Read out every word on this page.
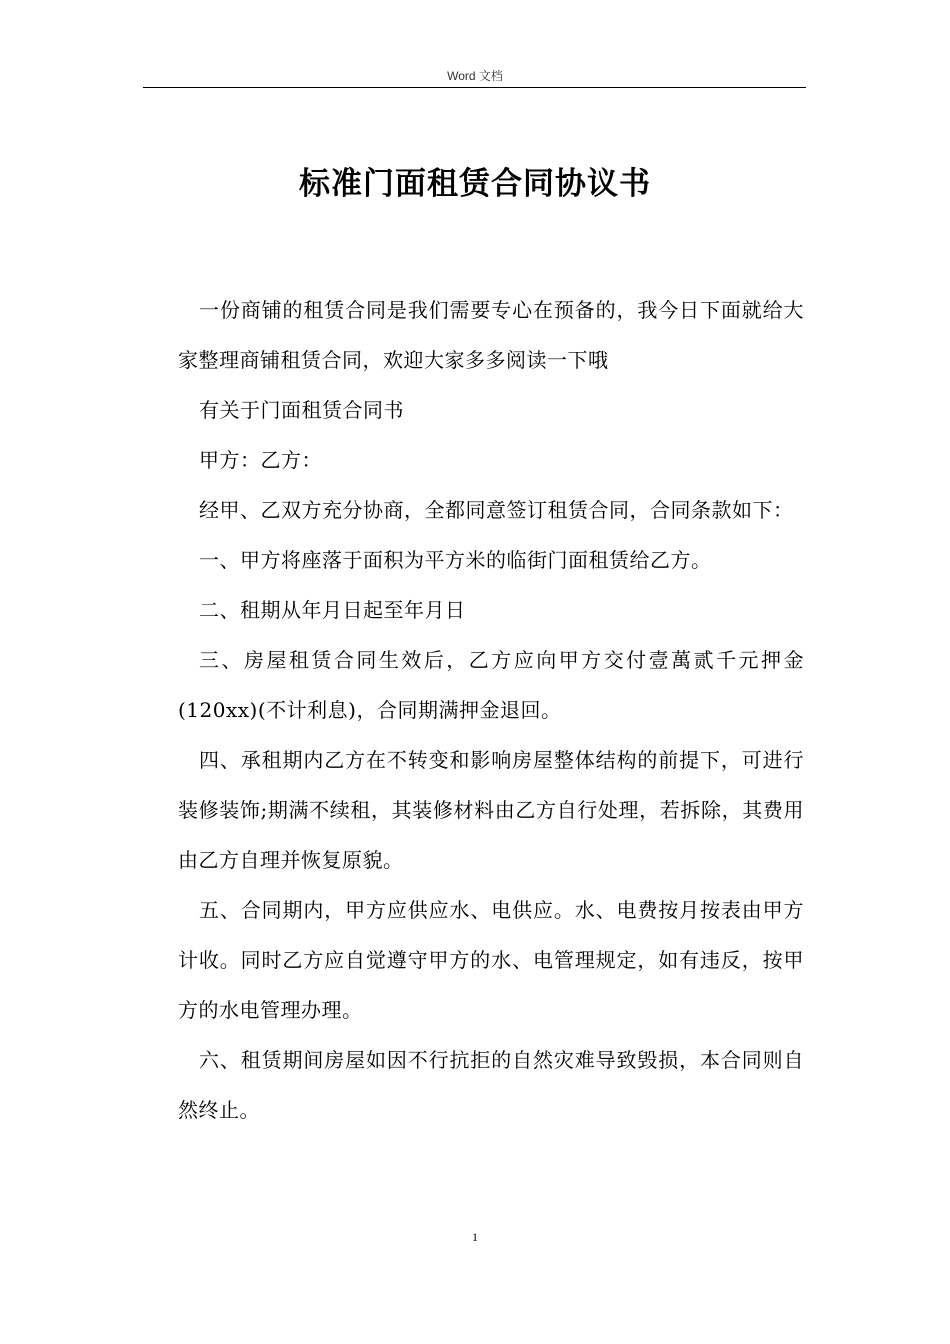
Word 文档
标准门面租赁合同协议书

一份商铺的租赁合同是我们需要专心在预备的，我今日下面就给大家整理商铺租赁合同，欢迎大家多多阅读一下哦

有关于门面租赁合同书

甲方：乙方：

经甲、乙双方充分协商，全都同意签订租赁合同，合同条款如下：

一、甲方将座落于面积为平方米的临街门面租赁给乙方。

二、租期从年月日起至年月日

三、房屋租赁合同生效后，乙方应向甲方交付壹萬贰千元押金(120xx)(不计利息)，合同期满押金退回。

四、承租期内乙方在不转变和影响房屋整体结构的前提下，可进行装修装饰;期满不续租，其装修材料由乙方自行处理，若拆除，其费用由乙方自理并恢复原貌。

五、合同期内，甲方应供应水、电供应。水、电费按月按表由甲方计收。同时乙方应自觉遵守甲方的水、电管理规定，如有违反，按甲方的水电管理办理。

六、租赁期间房屋如因不行抗拒的自然灾难导致毁损，本合同则自然终止。

1
